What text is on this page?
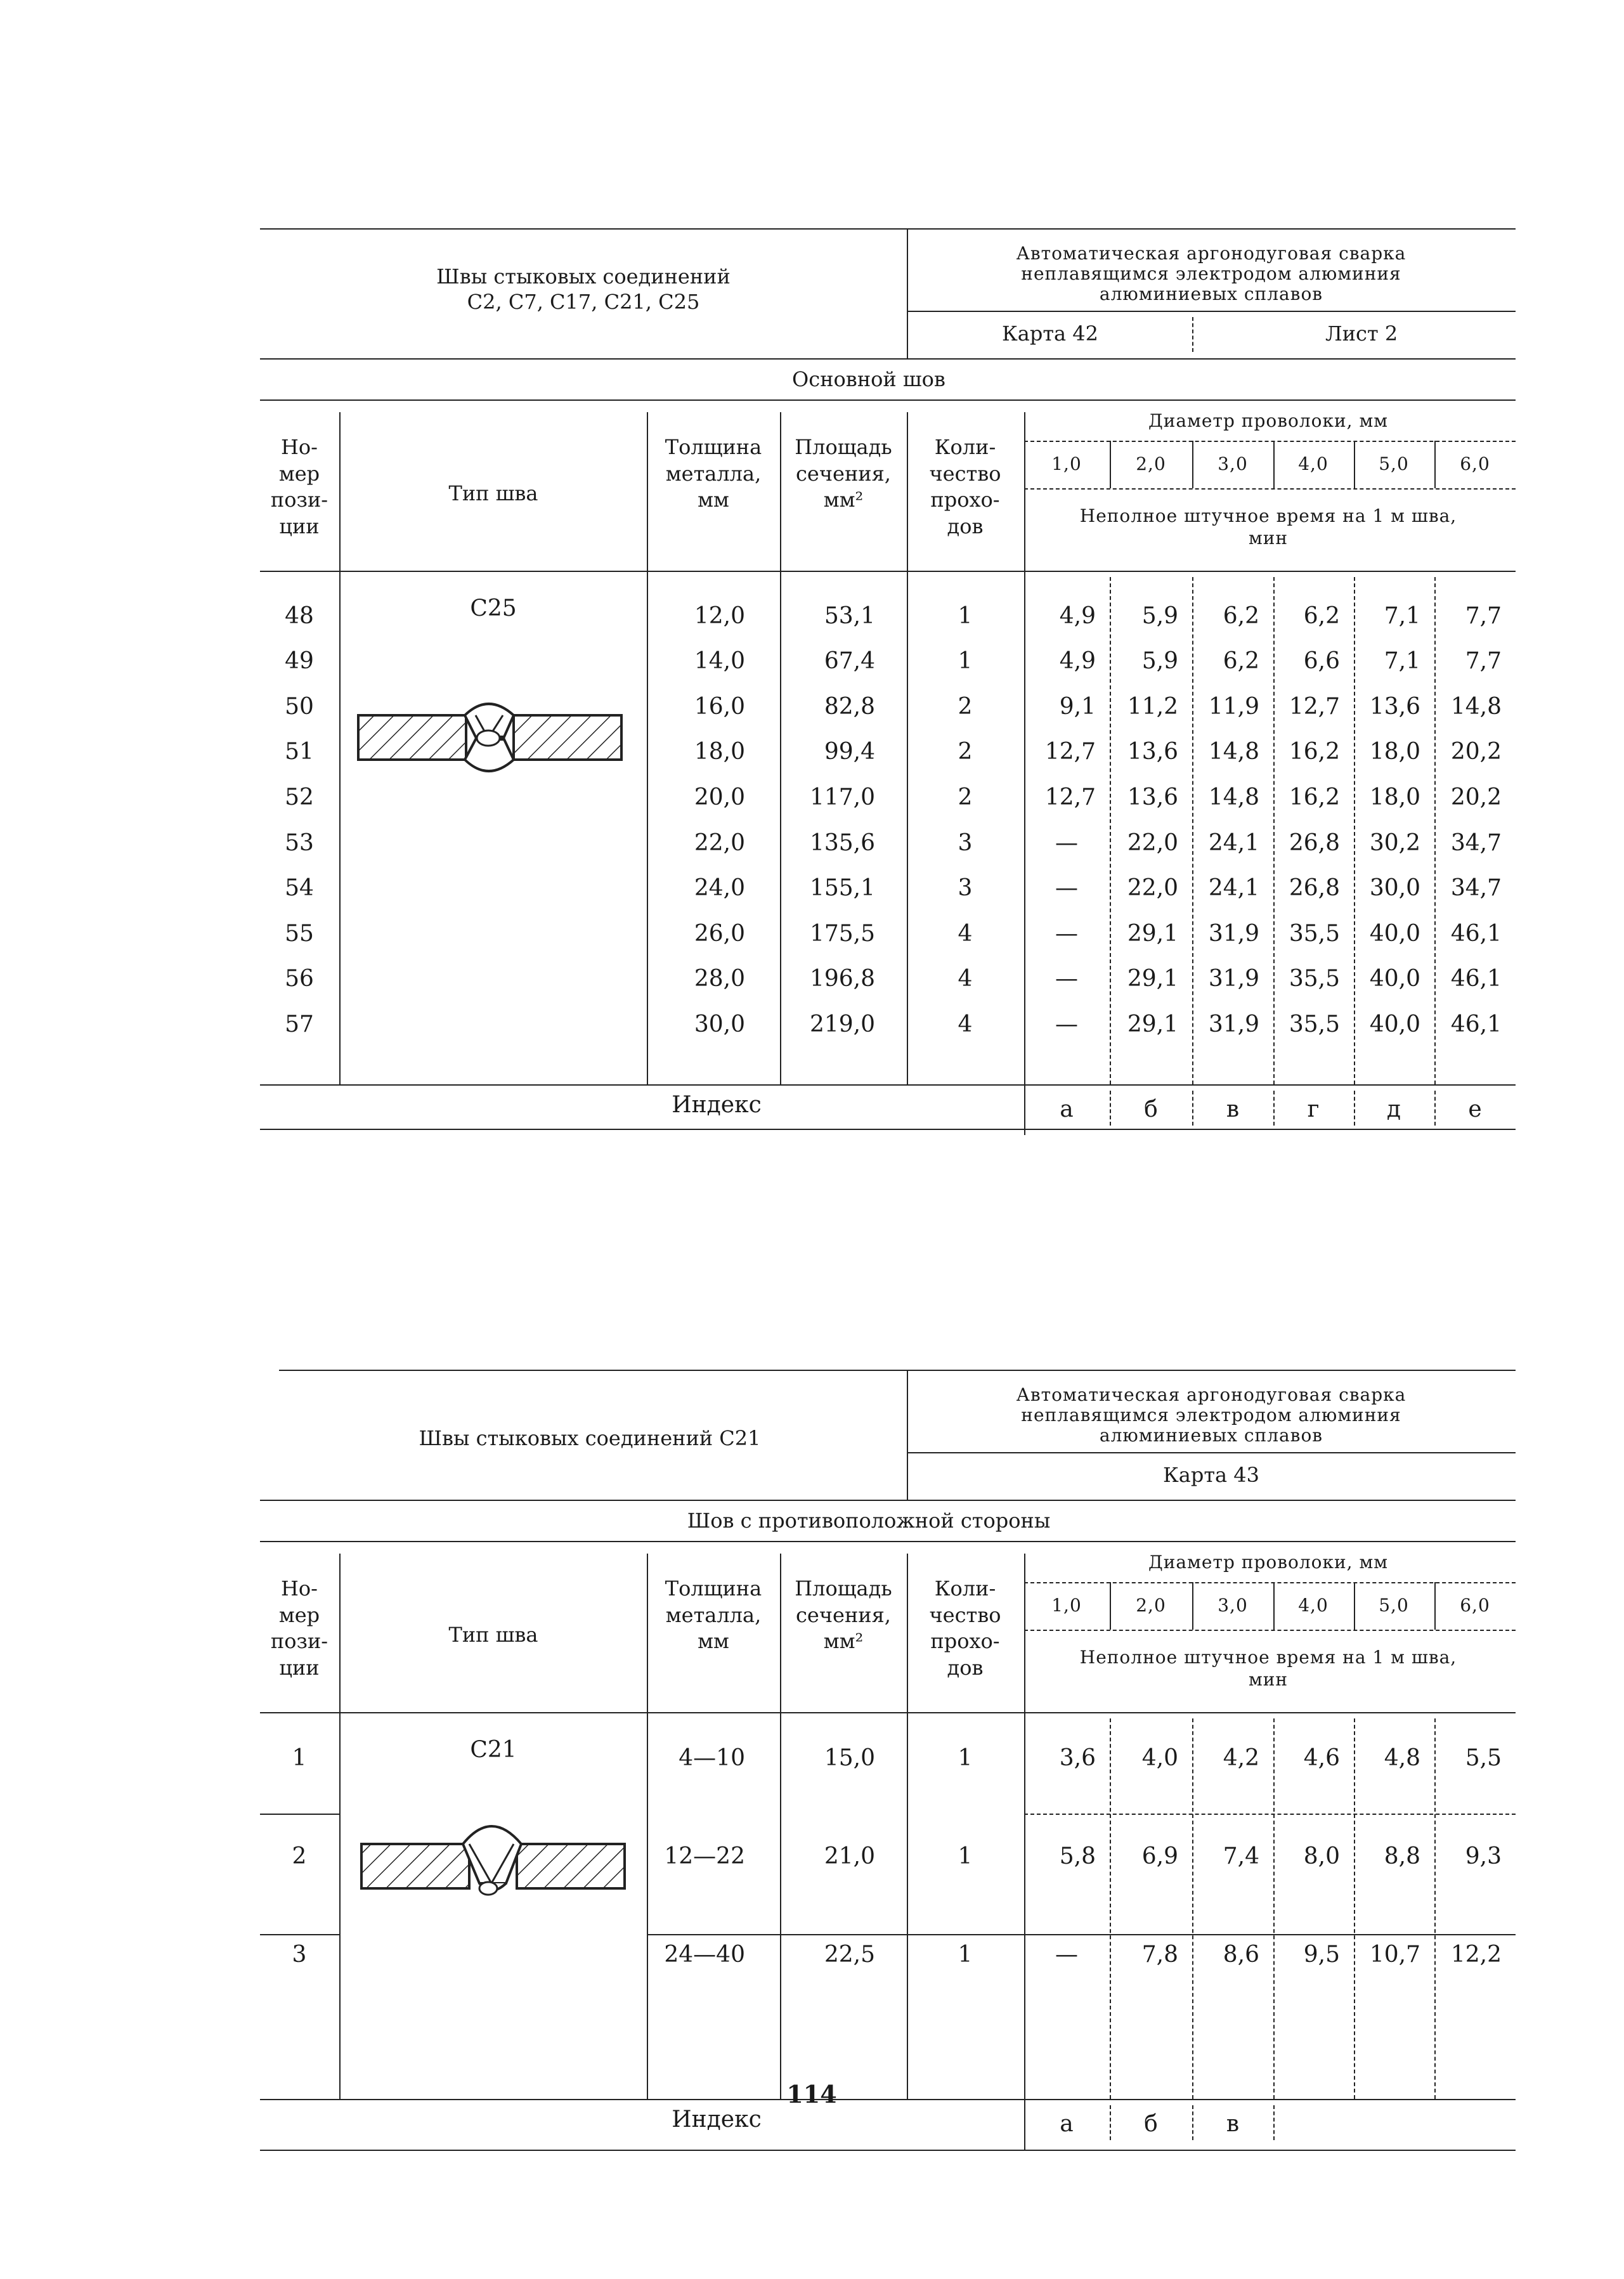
Швы стыковых соединений
С2, С7, С17, С21, С25
Автоматическая аргонодуговая сварка
неплавящимся электродом алюминия
алюминиевых сплавов
Карта 42	Лист 2
Основной шов
Но-
мер
пози-
ции
Тип шва
Толщина
металла,
мм
Площадь
сечения,
мм²
Коли-
чество
прохо-
дов
Диаметр проволоки, мм
1,0	2,0	3,0	4,0	5,0	6,0
Неполное штучное время на 1 м шва,
мин
48	12,0	53,1	1	4,9 5,9 6,2 6,2 7,1 7,7
49	14,0	67,4	1	4,9 5,9 6,2 6,6 7,1 7,7
50	16,0	82,8	2	9,1 11,2 11,9 12,7 13,6 14,8
51	18,0	99,4	2	12,7 13,6 14,8 16,2 18,0 20,2
52	20,0	117,0	2	12,7 13,6 14,8 16,2 18,0 20,2
53	22,0	135,6	3	— 22,0 24,1 26,8 30,2 34,7
54	24,0	155,1	3	— 22,0 24,1 26,8 30,0 34,7
55	26,0	175,5	4	— 29,1 31,9 35,5 40,0 46,1
56	28,0	196,8	4	— 29,1 31,9 35,5 40,0 46,1
57	30,0	219,0	4	— 29,1 31,9 35,5 40,0 46,1
С25
Индекс	а	б	в	г	д	е
Швы стыковых соединений С21
Автоматическая аргонодуговая сварка
неплавящимся электродом алюминия
алюминиевых сплавов
Карта 43
Шов с противоположной стороны
Но-
мер
пози-
ции
Тип шва
Толщина
металла,
мм
Площадь
сечения,
мм²
Коли-
чество
прохо-
дов
Диаметр проволоки, мм
1,0	2,0	3,0	4,0	5,0	6,0
Неполное штучное время на 1 м шва,
мин
1	4—10	15,0	1	3,6 4,0 4,2 4,6 4,8 5,5
2	12—22	21,0	1	5,8 6,9 7,4 8,0 8,8 9,3
3	24—40	22,5	1	—	7,8 8,6 9,5 10,7 12,2
С21
Индекс	а	б	в
114
